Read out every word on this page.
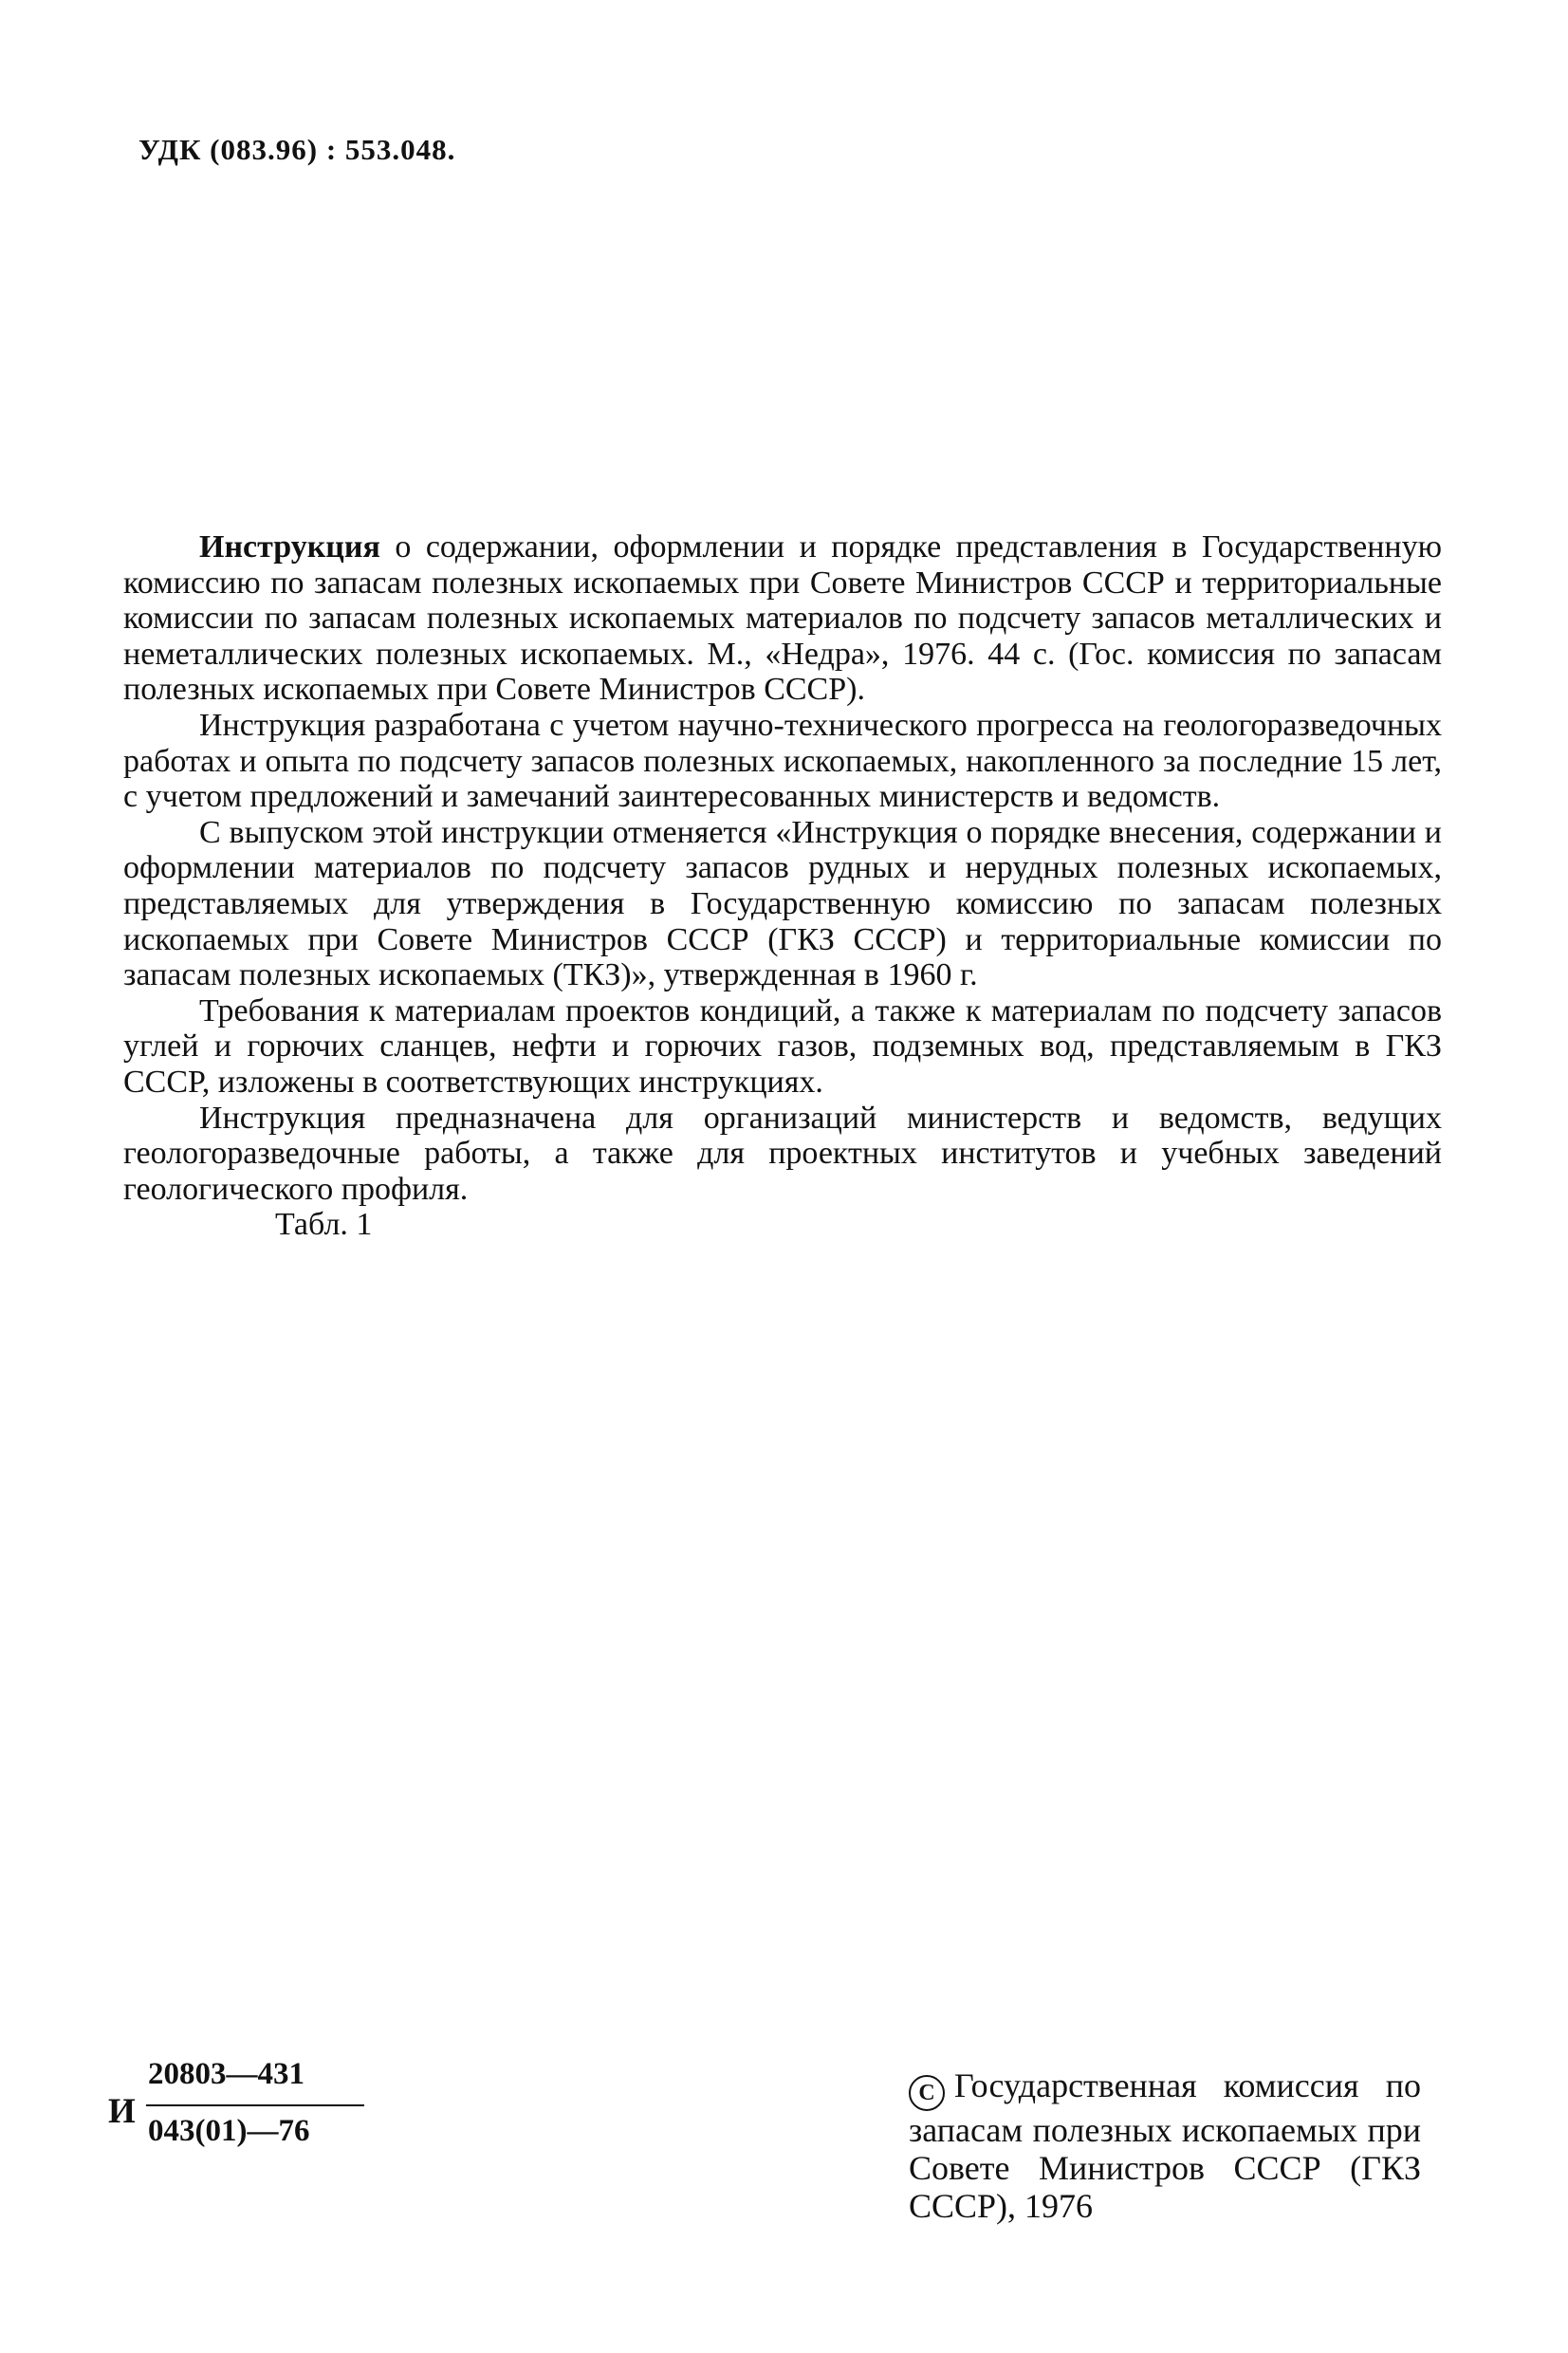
УДК (083.96) : 553.048.

Инструкция о содержании, оформлении и порядке представления в Государственную комиссию по запасам полезных ископаемых при Совете Министров СССР и территориальные комиссии по запасам полезных ископаемых материалов по подсчету запасов металлических и неметаллических полезных ископаемых. М., «Недра», 1976. 44 с. (Гос. комиссия по запасам полезных ископаемых при Совете Министров СССР).

Инструкция разработана с учетом научно-технического прогресса на геологоразведочных работах и опыта по подсчету запасов полезных ископаемых, накопленного за последние 15 лет, с учетом предложений и замечаний заинтересованных министерств и ведомств.

С выпуском этой инструкции отменяется «Инструкция о порядке внесения, содержании и оформлении материалов по подсчету запасов рудных и нерудных полезных ископаемых, представляемых для утверждения в Государственную комиссию по запасам полезных ископаемых при Совете Министров СССР (ГКЗ СССР) и территориальные комиссии по запасам полезных ископаемых (ТКЗ)», утвержденная в 1960 г.

Требования к материалам проектов кондиций, а также к материалам по подсчету запасов углей и горючих сланцев, нефти и горючих газов, подземных вод, представляемым в ГКЗ СССР, изложены в соответствующих инструкциях.

Инструкция предназначена для организаций министерств и ведомств, ведущих геологоразведочные работы, а также для проектных институтов и учебных заведений геологического профиля.

Табл. 1

И
20803—431
043(01)—76
C Государственная комиссия по запасам полезных ископаемых при Совете Министров СССР (ГКЗ СССР), 1976
